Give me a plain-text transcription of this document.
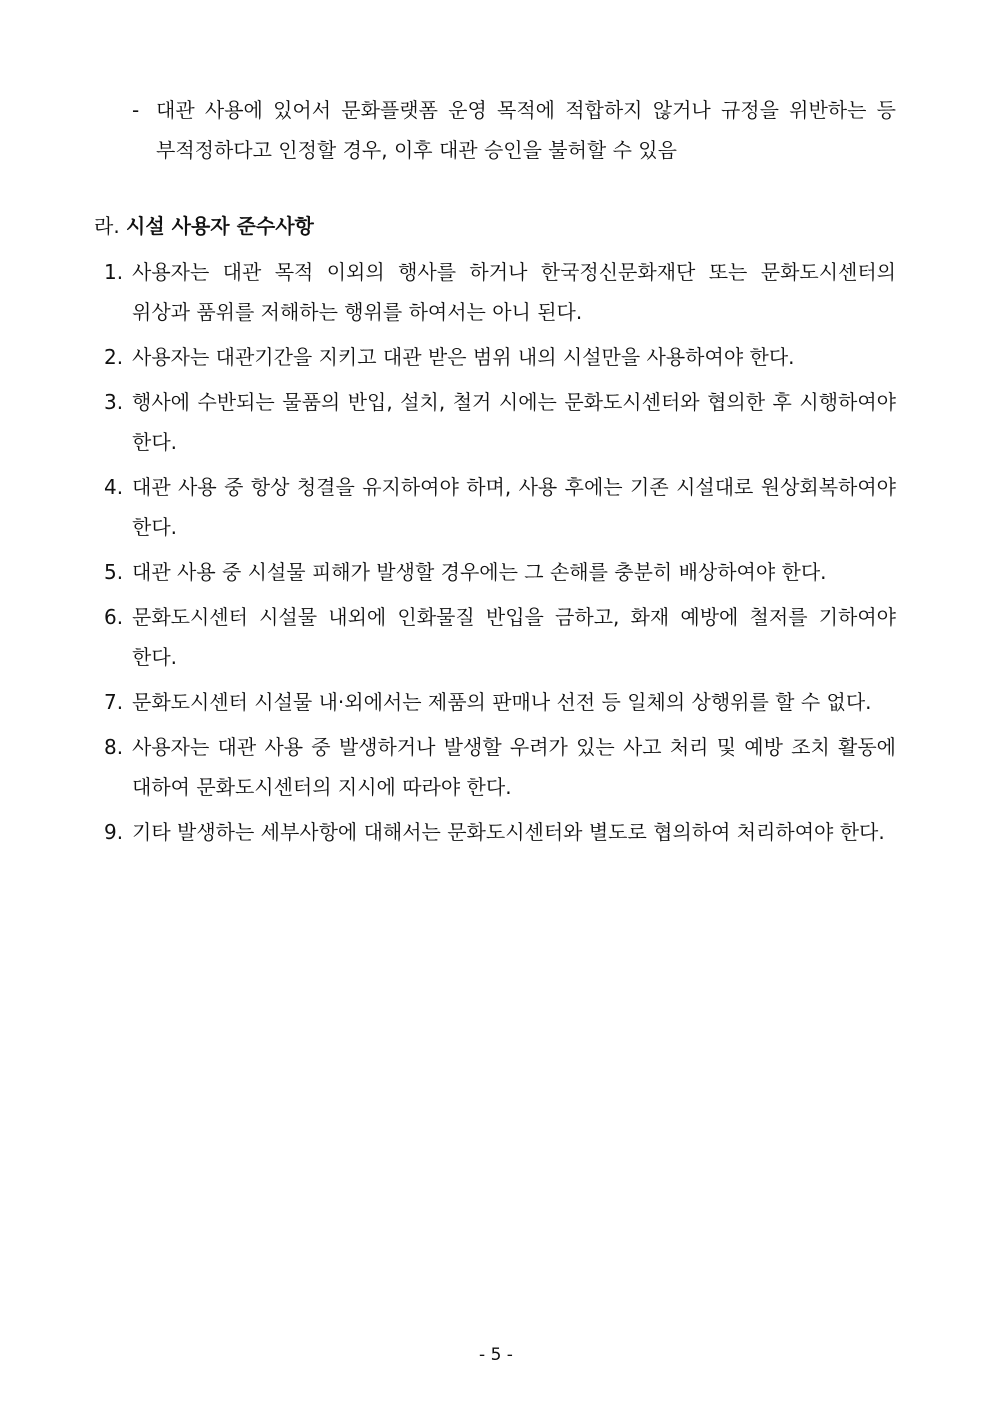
- 대관 사용에 있어서 문화플랫폼 운영 목적에 적합하지 않거나 규정을 위반하는 등 부적정하다고 인정할 경우, 이후 대관 승인을 불허할 수 있음
라. 시설 사용자 준수사항
1. 사용자는 대관 목적 이외의 행사를 하거나 한국정신문화재단 또는 문화도시센터의 위상과 품위를 저해하는 행위를 하여서는 아니 된다.
2. 사용자는 대관기간을 지키고 대관 받은 범위 내의 시설만을 사용하여야 한다.
3. 행사에 수반되는 물품의 반입, 설치, 철거 시에는 문화도시센터와 협의한 후 시행하여야 한다.
4. 대관 사용 중 항상 청결을 유지하여야 하며, 사용 후에는 기존 시설대로 원상회복하여야 한다.
5. 대관 사용 중 시설물 피해가 발생할 경우에는 그 손해를 충분히 배상하여야 한다.
6. 문화도시센터 시설물 내외에 인화물질 반입을 금하고, 화재 예방에 철저를 기하여야 한다.
7. 문화도시센터 시설물 내·외에서는 제품의 판매나 선전 등 일체의 상행위를 할 수 없다.
8. 사용자는 대관 사용 중 발생하거나 발생할 우려가 있는 사고 처리 및 예방 조치 활동에 대하여 문화도시센터의 지시에 따라야 한다.
9. 기타 발생하는 세부사항에 대해서는 문화도시센터와 별도로 협의하여 처리하여야 한다.
- 5 -
